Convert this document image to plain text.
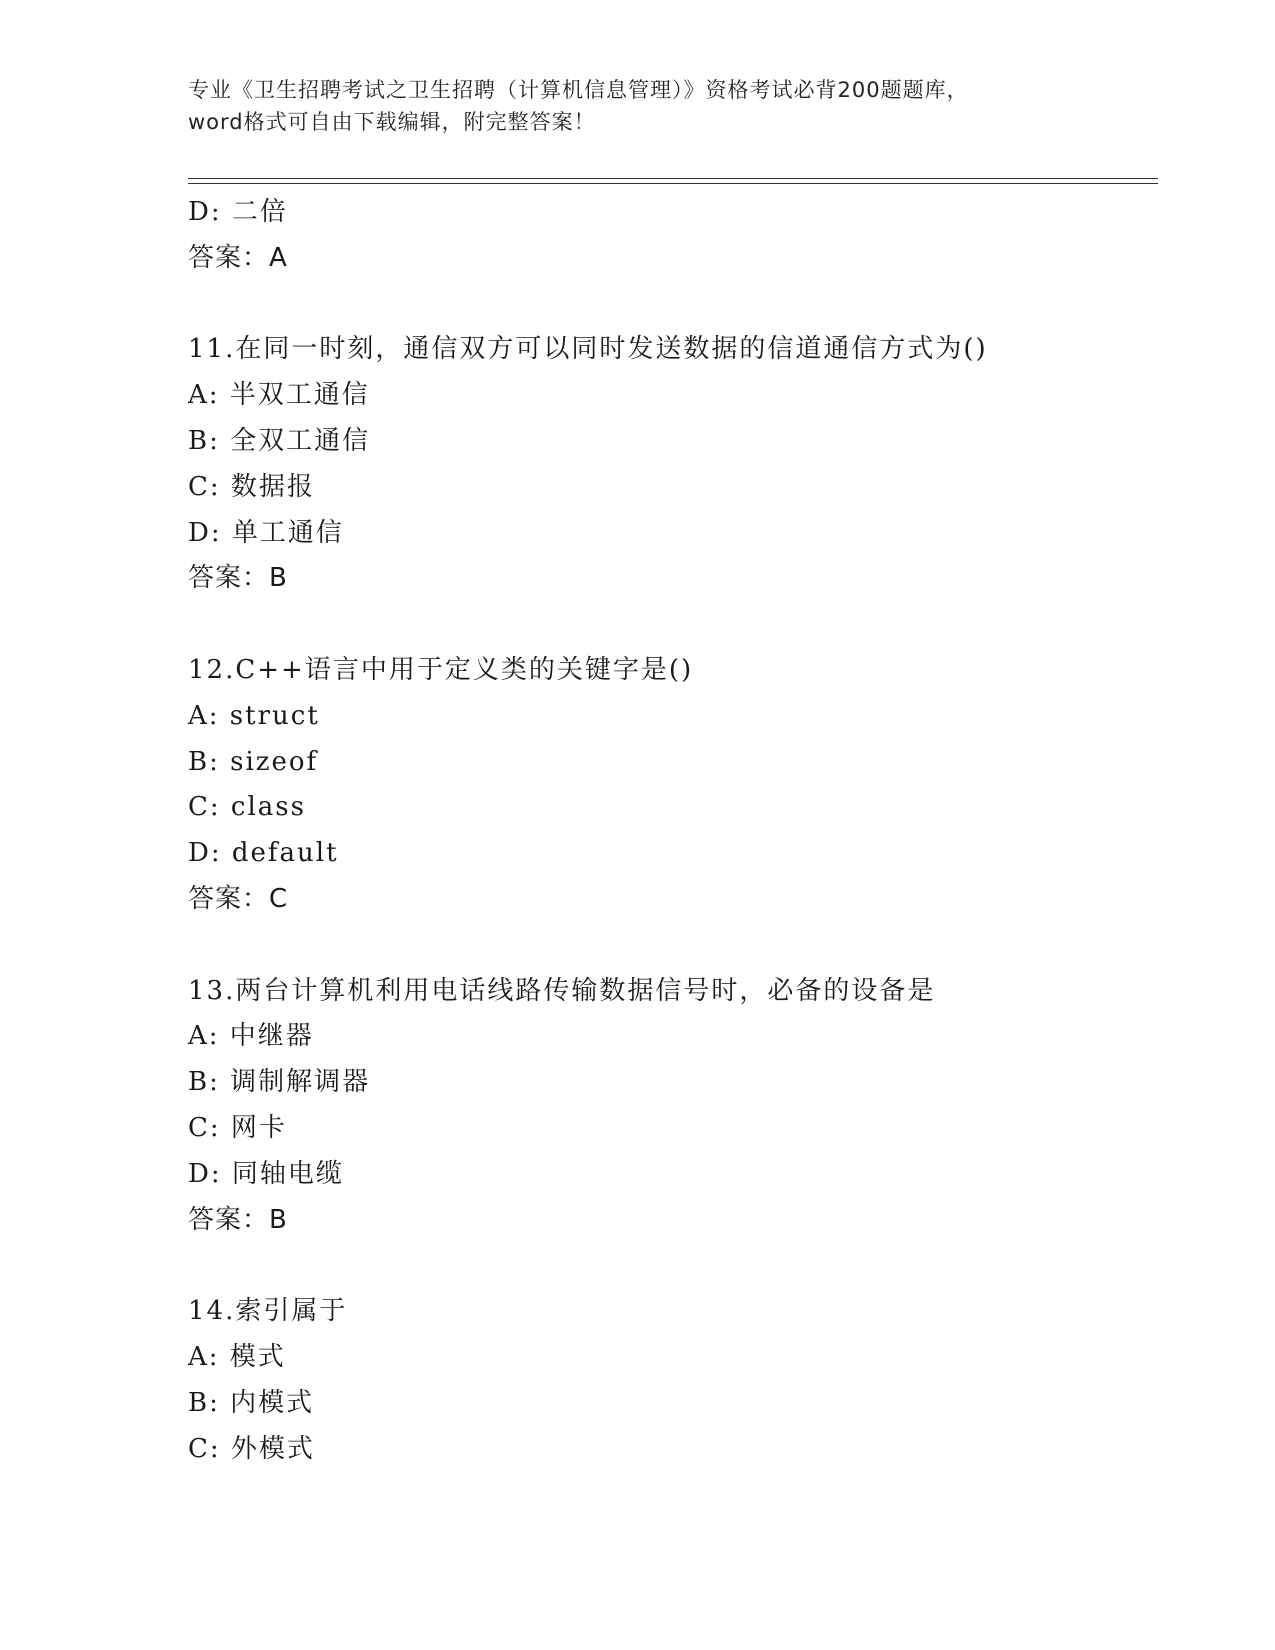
专业《卫生招聘考试之卫生招聘（计算机信息管理）》资格考试必背200题题库，
word格式可自由下载编辑，附完整答案！
D: 二倍
答案：A
11.在同一时刻，通信双方可以同时发送数据的信道通信方式为()
A: 半双工通信
B: 全双工通信
C: 数据报
D: 单工通信
答案：B
12.C++语言中用于定义类的关键字是()
A: struct
B: sizeof
C: class
D: default
答案：C
13.两台计算机利用电话线路传输数据信号时，必备的设备是
A: 中继器
B: 调制解调器
C: 网卡
D: 同轴电缆
答案：B
14.索引属于
A: 模式
B: 内模式
C: 外模式
